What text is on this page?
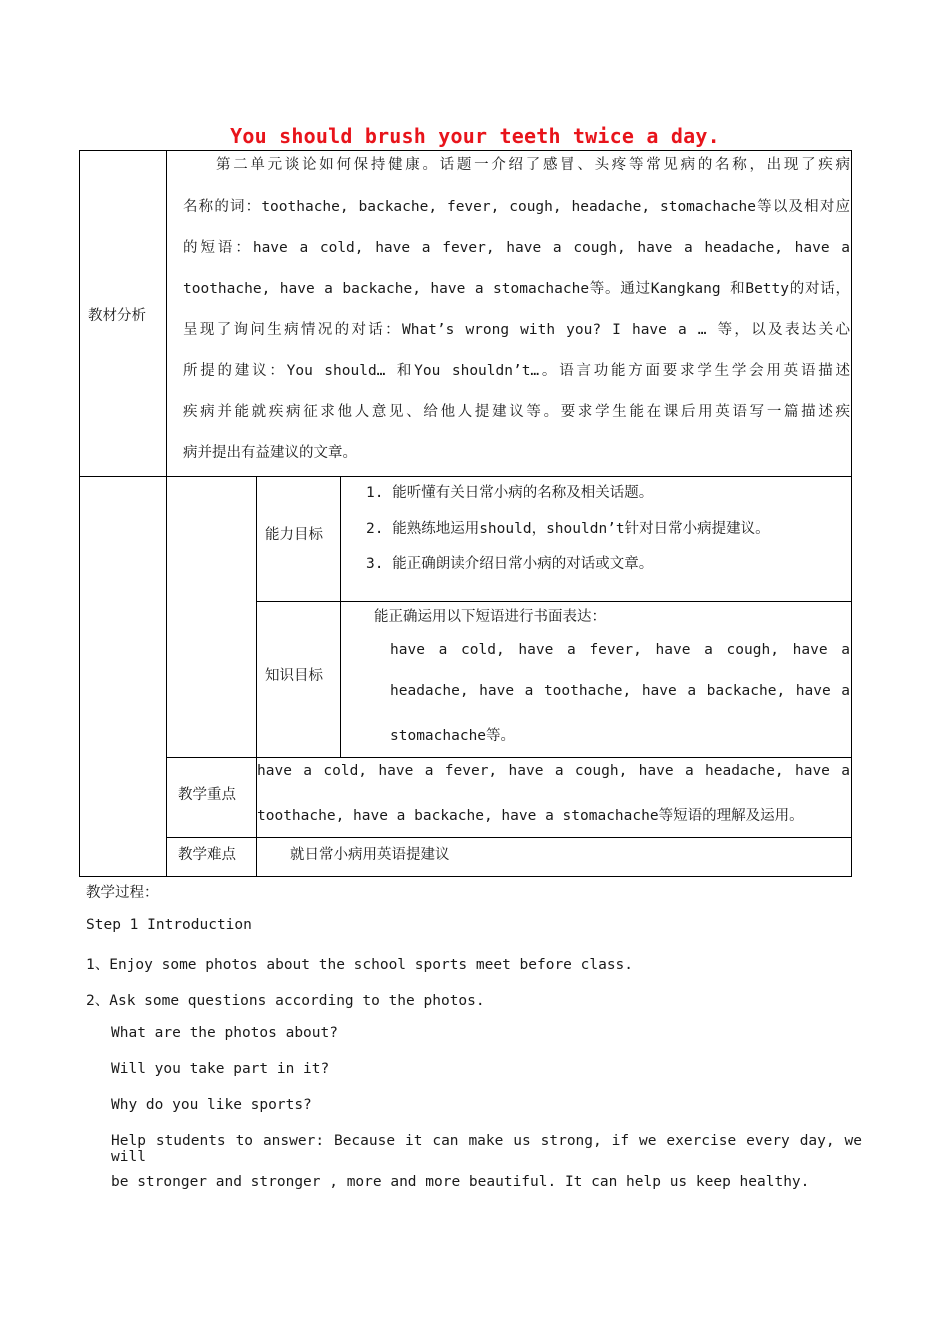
You should brush your teeth twice a day.
教材分析
第二单元谈论如何保持健康。话题一介绍了感冒、头疼等常见病的名称，出现了疾病
名称的词：toothache, backache, fever, cough, headache, stomachache等以及相对应
的短语：have a cold, have a fever, have a cough, have a headache, have a
toothache, have a backache, have a stomachache等。通过Kangkang 和Betty的对话，
呈现了询问生病情况的对话：What’s wrong with you? I have a … 等，以及表达关心
所提的建议：You should… 和You shouldn’t…。语言功能方面要求学生学会用英语描述
疾病并能就疾病征求他人意见、给他人提建议等。要求学生能在课后用英语写一篇描述疾
病并提出有益建议的文章。
能力目标
1. 能听懂有关日常小病的名称及相关话题。
2. 能熟练地运用should，shouldn’t针对日常小病提建议。
3. 能正确朗读介绍日常小病的对话或文章。
知识目标
能正确运用以下短语进行书面表达：
have a cold, have a fever, have a cough, have a
headache, have a toothache, have a backache, have a
stomachache等。
教学重点
have a cold, have a fever, have a cough, have a headache, have a
toothache, have a backache, have a stomachache等短语的理解及运用。
教学难点	就日常小病用英语提建议
教学过程：
Step 1 Introduction
1、Enjoy some photos about the school sports meet before class.
2、Ask some questions according to the photos.
What are the photos about?
Will you take part in it?
Why do you like sports?
Help students to answer: Because it can make us strong, if we exercise every day, we will
be stronger and stronger , more and more beautiful. It can help us keep healthy.
